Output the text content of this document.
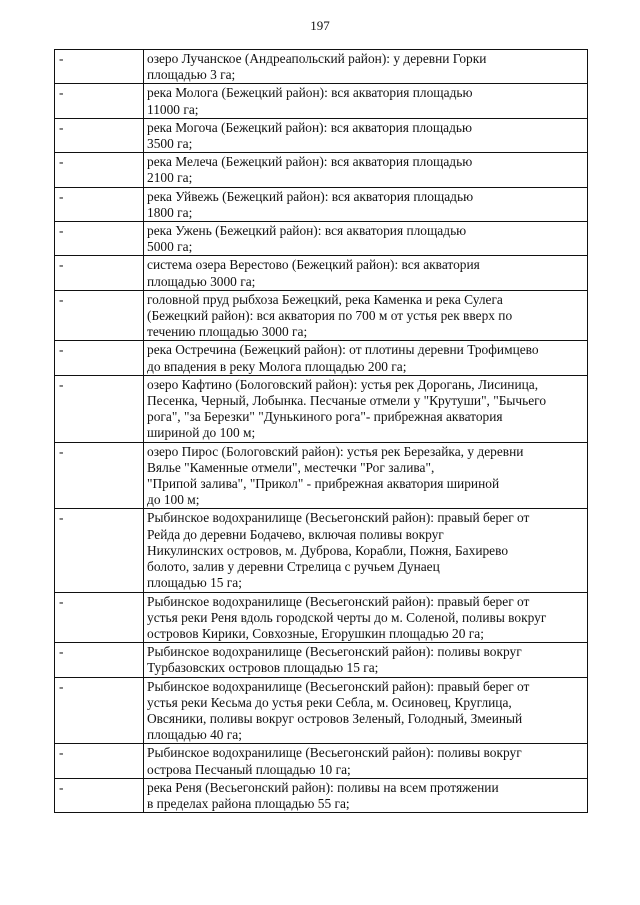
197
-	озеро Лучанское (Андреапольский район): у деревни Горки
площадью 3 га;
-	река Молога (Бежецкий район): вся акватория площадью
11000 га;
-	река Могоча (Бежецкий район): вся акватория площадью
3500 га;
-	река Мелеча (Бежецкий район): вся акватория площадью
2100 га;
-	река Уйвежь (Бежецкий район): вся акватория площадью
1800 га;
-	река Ужень (Бежецкий район): вся акватория площадью
5000 га;
-	система озера Верестово (Бежецкий район): вся акватория
площадью 3000 га;
-	головной пруд рыбхоза Бежецкий, река Каменка и река Сулега
(Бежецкий район): вся акватория по 700 м от устья рек вверх по
течению площадью 3000 га;
-	река Остречина (Бежецкий район): от плотины деревни Трофимцево
до впадения в реку Молога площадью 200 га;
-	озеро Кафтино (Бологовский район): устья рек Дорогань, Лисиница,
Песенка, Черный, Лобынка. Песчаные отмели у "Крутуши", "Бычьего
рога", "за Березки" "Дунькиного рога"- прибрежная акватория
шириной до 100 м;
-	озеро Пирос (Бологовский район): устья рек Березайка, у деревни
Вялье "Каменные отмели", местечки "Рог залива",
"Припой залива", "Прикол" - прибрежная акватория шириной
до 100 м;
-	Рыбинское водохранилище (Весьегонский район): правый берег от
Рейда до деревни Бодачево, включая поливы вокруг
Никулинских островов, м. Дуброва, Корабли, Пожня, Бахирево
болото, залив у деревни Стрелица с ручьем Дунаец
площадью 15 га;
-	Рыбинское водохранилище (Весьегонский район): правый берег от
устья реки Реня вдоль городской черты до м. Соленой, поливы вокруг
островов Кирики, Совхозные, Егорушкин площадью 20 га;
-	Рыбинское водохранилище (Весьегонский район): поливы вокруг
Турбазовских островов площадью 15 га;
-	Рыбинское водохранилище (Весьегонский район): правый берег от
устья реки Кесьма до устья реки Себла, м. Осиновец, Круглица,
Овсяники, поливы вокруг островов Зеленый, Голодный, Змеиный
площадью 40 га;
-	Рыбинское водохранилище (Весьегонский район): поливы вокруг
острова Песчаный площадью 10 га;
-	река Реня (Весьегонский район): поливы на всем протяжении
в пределах района площадью 55 га;
